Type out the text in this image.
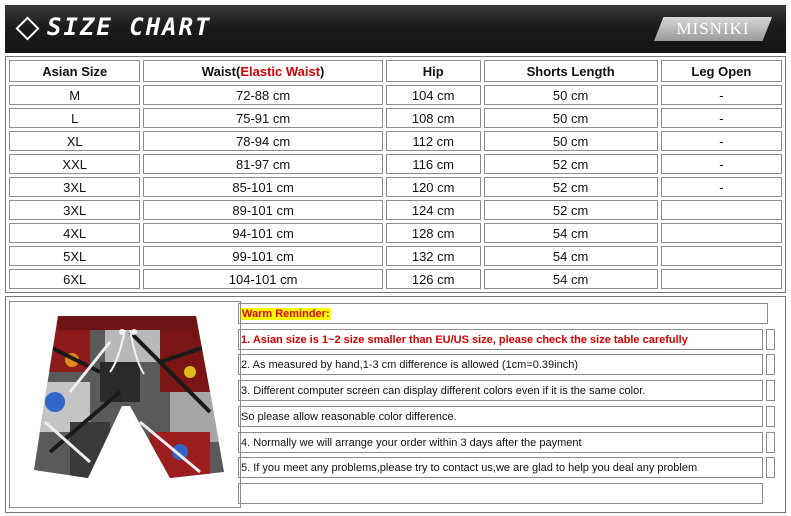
SIZE CHART	MISNIKI
Asian Size	Waist(Elastic Waist)	Hip	Shorts Length	Leg Open
M	72-88 cm	104 cm	50 cm	-
L	75-91 cm	108 cm	50 cm	-
XL	78-94 cm	112 cm	50 cm	-
XXL	81-97 cm	116 cm	52 cm	-
3XL	85-101 cm	120 cm	52 cm	-
3XL	89-101 cm	124 cm	52 cm	
4XL	94-101 cm	128 cm	54 cm	
5XL	99-101 cm	132 cm	54 cm	
6XL	104-101 cm	126 cm	54 cm	
Warm Reminder:
1. Asian size is 1~2 size smaller than EU/US size, please check the size table carefully
2. As measured by hand,1-3 cm difference is allowed (1cm=0.39inch)
3. Different computer screen can display different colors even if it is the same color.
So please allow reasonable color difference.
4. Normally we will arrange your order within 3 days after the payment
5. If you meet any problems,please try to contact us,we are glad to help you deal any problem
